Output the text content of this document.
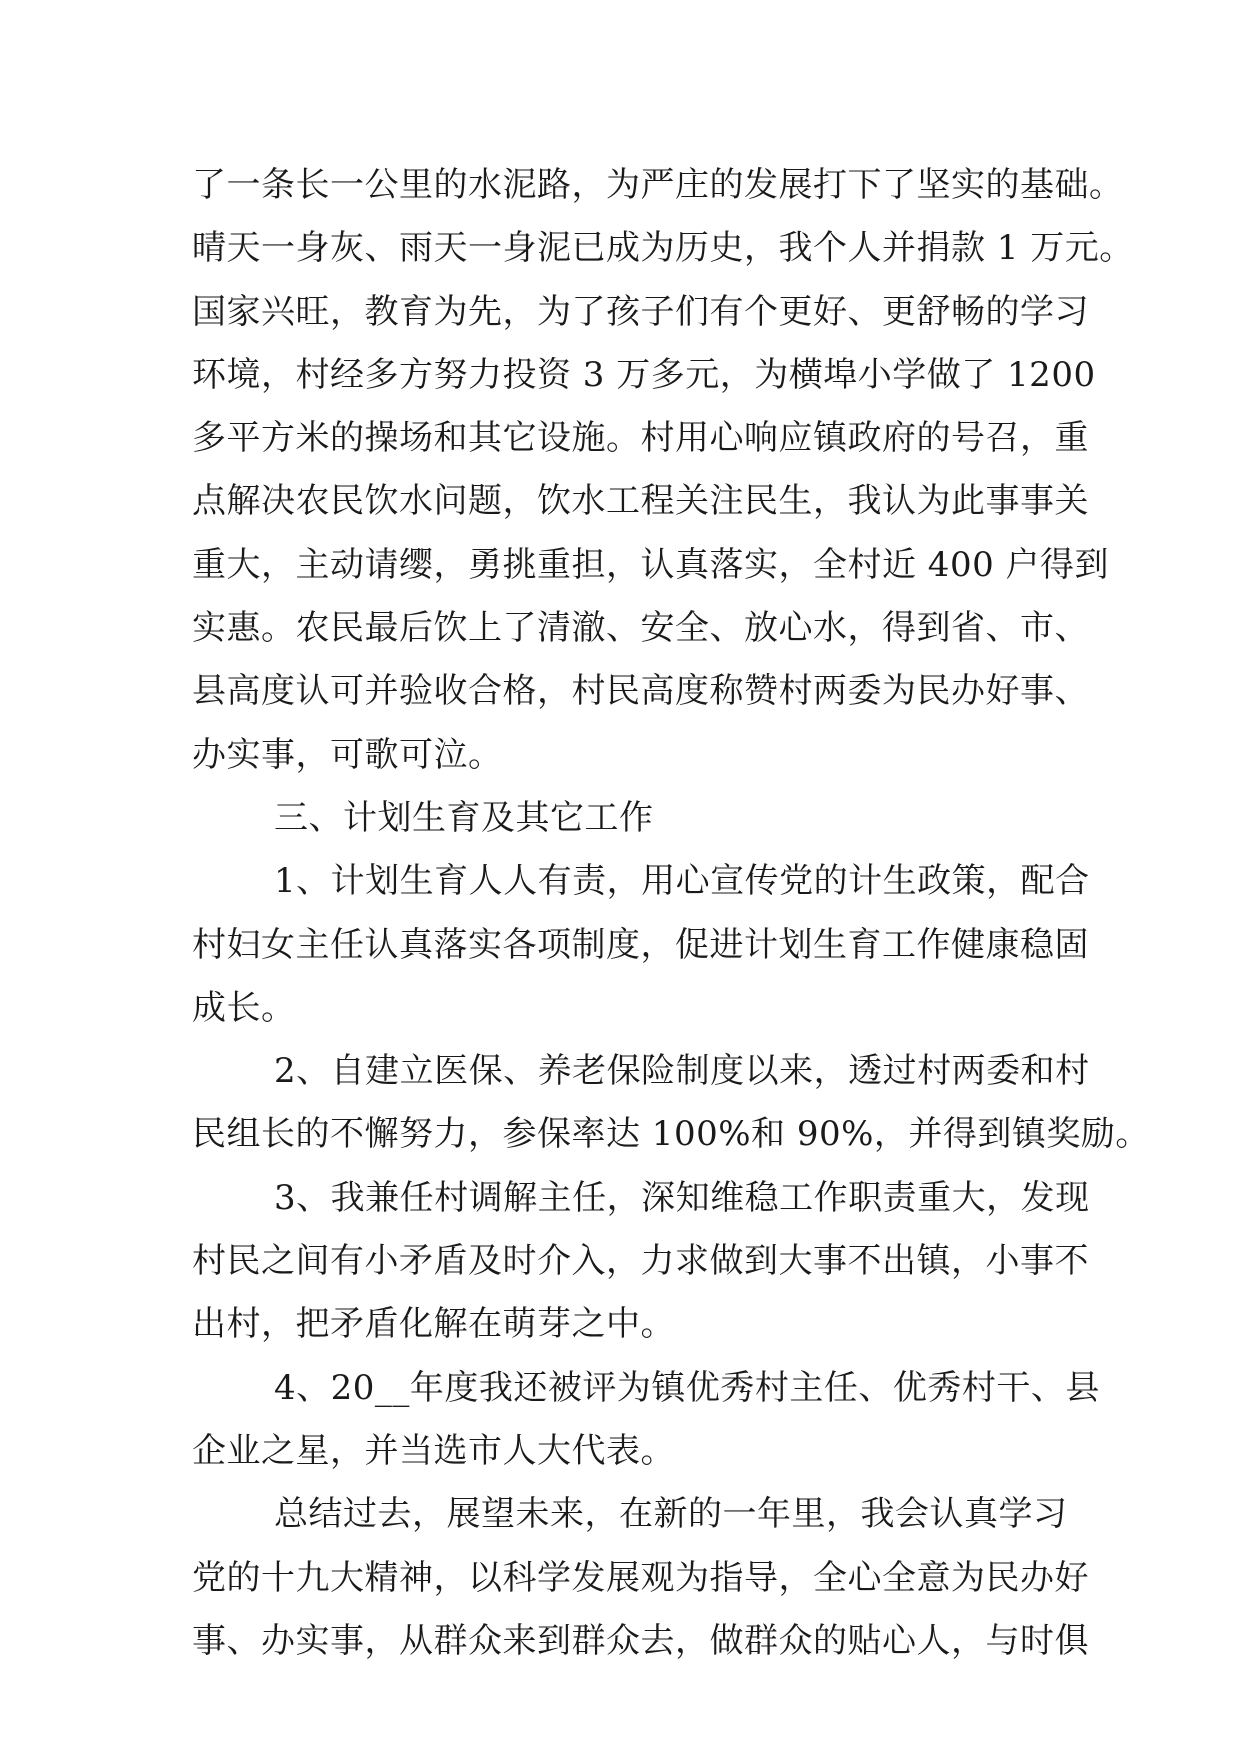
了一条长一公里的水泥路，为严庄的发展打下了坚实的基础。
晴天一身灰、雨天一身泥已成为历史，我个人并捐款 1 万元。
国家兴旺，教育为先，为了孩子们有个更好、更舒畅的学习
环境，村经多方努力投资 3 万多元，为横埠小学做了 1200
多平方米的操场和其它设施。村用心响应镇政府的号召，重
点解决农民饮水问题，饮水工程关注民生，我认为此事事关
重大，主动请缨，勇挑重担，认真落实，全村近 400 户得到
实惠。农民最后饮上了清澈、安全、放心水，得到省、市、
县高度认可并验收合格，村民高度称赞村两委为民办好事、
办实事，可歌可泣。
三、计划生育及其它工作
1、计划生育人人有责，用心宣传党的计生政策，配合
村妇女主任认真落实各项制度，促进计划生育工作健康稳固
成长。
2、自建立医保、养老保险制度以来，透过村两委和村
民组长的不懈努力，参保率达 100%和 90%，并得到镇奖励。
3、我兼任村调解主任，深知维稳工作职责重大，发现
村民之间有小矛盾及时介入，力求做到大事不出镇，小事不
出村，把矛盾化解在萌芽之中。
4、20__年度我还被评为镇优秀村主任、优秀村干、县
企业之星，并当选市人大代表。
总结过去，展望未来，在新的一年里，我会认真学习
党的十九大精神，以科学发展观为指导，全心全意为民办好
事、办实事，从群众来到群众去，做群众的贴心人，与时俱
